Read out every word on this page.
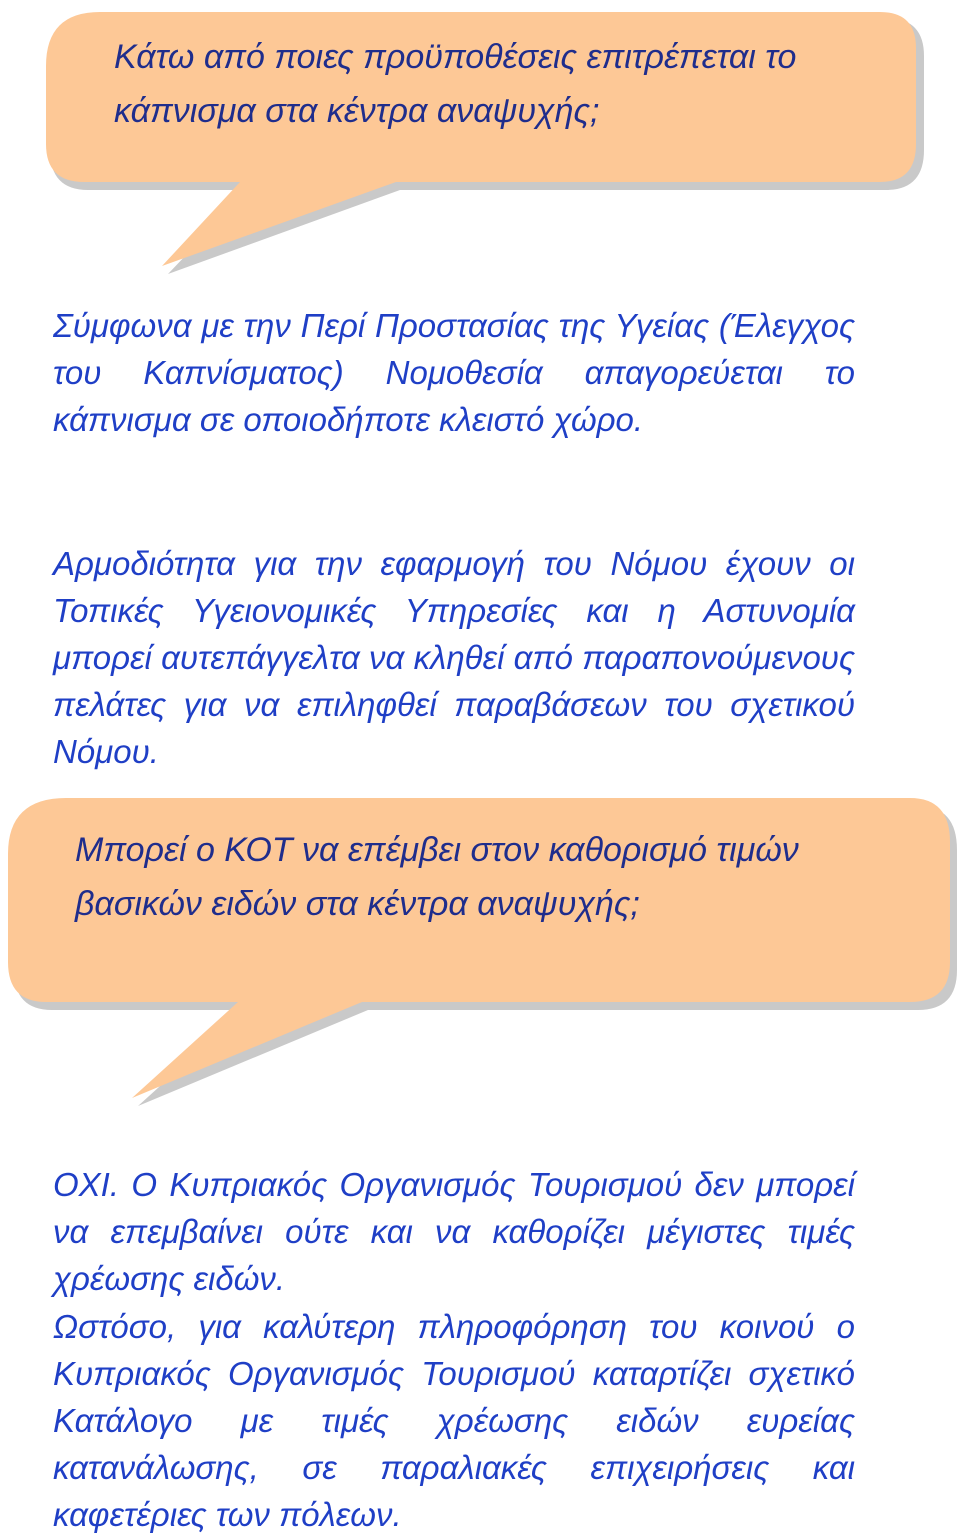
Κάτω από ποιες προϋποθέσεις επιτρέπεται το κάπνισμα στα κέντρα αναψυχής;

Μπορεί ο ΚΟΤ να επέμβει στον καθορισμό τιμών βασικών ειδών στα κέντρα αναψυχής;

Σύμφωνα με την Περί Προστασίας της Υγείας (Έλεγχος του Καπνίσματος) Νομοθεσία απαγορεύεται το κάπνισμα σε οποιοδήποτε κλειστό χώρο.

Αρμοδιότητα για την εφαρμογή του Νόμου έχουν οι Τοπικές Υγειονομικές Υπηρεσίες και η Αστυνομία μπορεί αυτεπάγγελτα να κληθεί από παραπονούμενους πελάτες για να επιληφθεί παραβάσεων του σχετικού Νόμου.

ΟΧΙ. Ο Κυπριακός Οργανισμός Τουρισμού δεν μπορεί να επεμβαίνει ούτε και να καθορίζει μέγιστες τιμές χρέωσης ειδών.

Ωστόσο, για καλύτερη πληροφόρηση του κοινού ο Κυπριακός Οργανισμός Τουρισμού καταρτίζει σχετικό Κατάλογο με τιμές χρέωσης ειδών ευρείας κατανάλωσης, σε παραλιακές επιχειρήσεις και καφετέριες των πόλεων.
